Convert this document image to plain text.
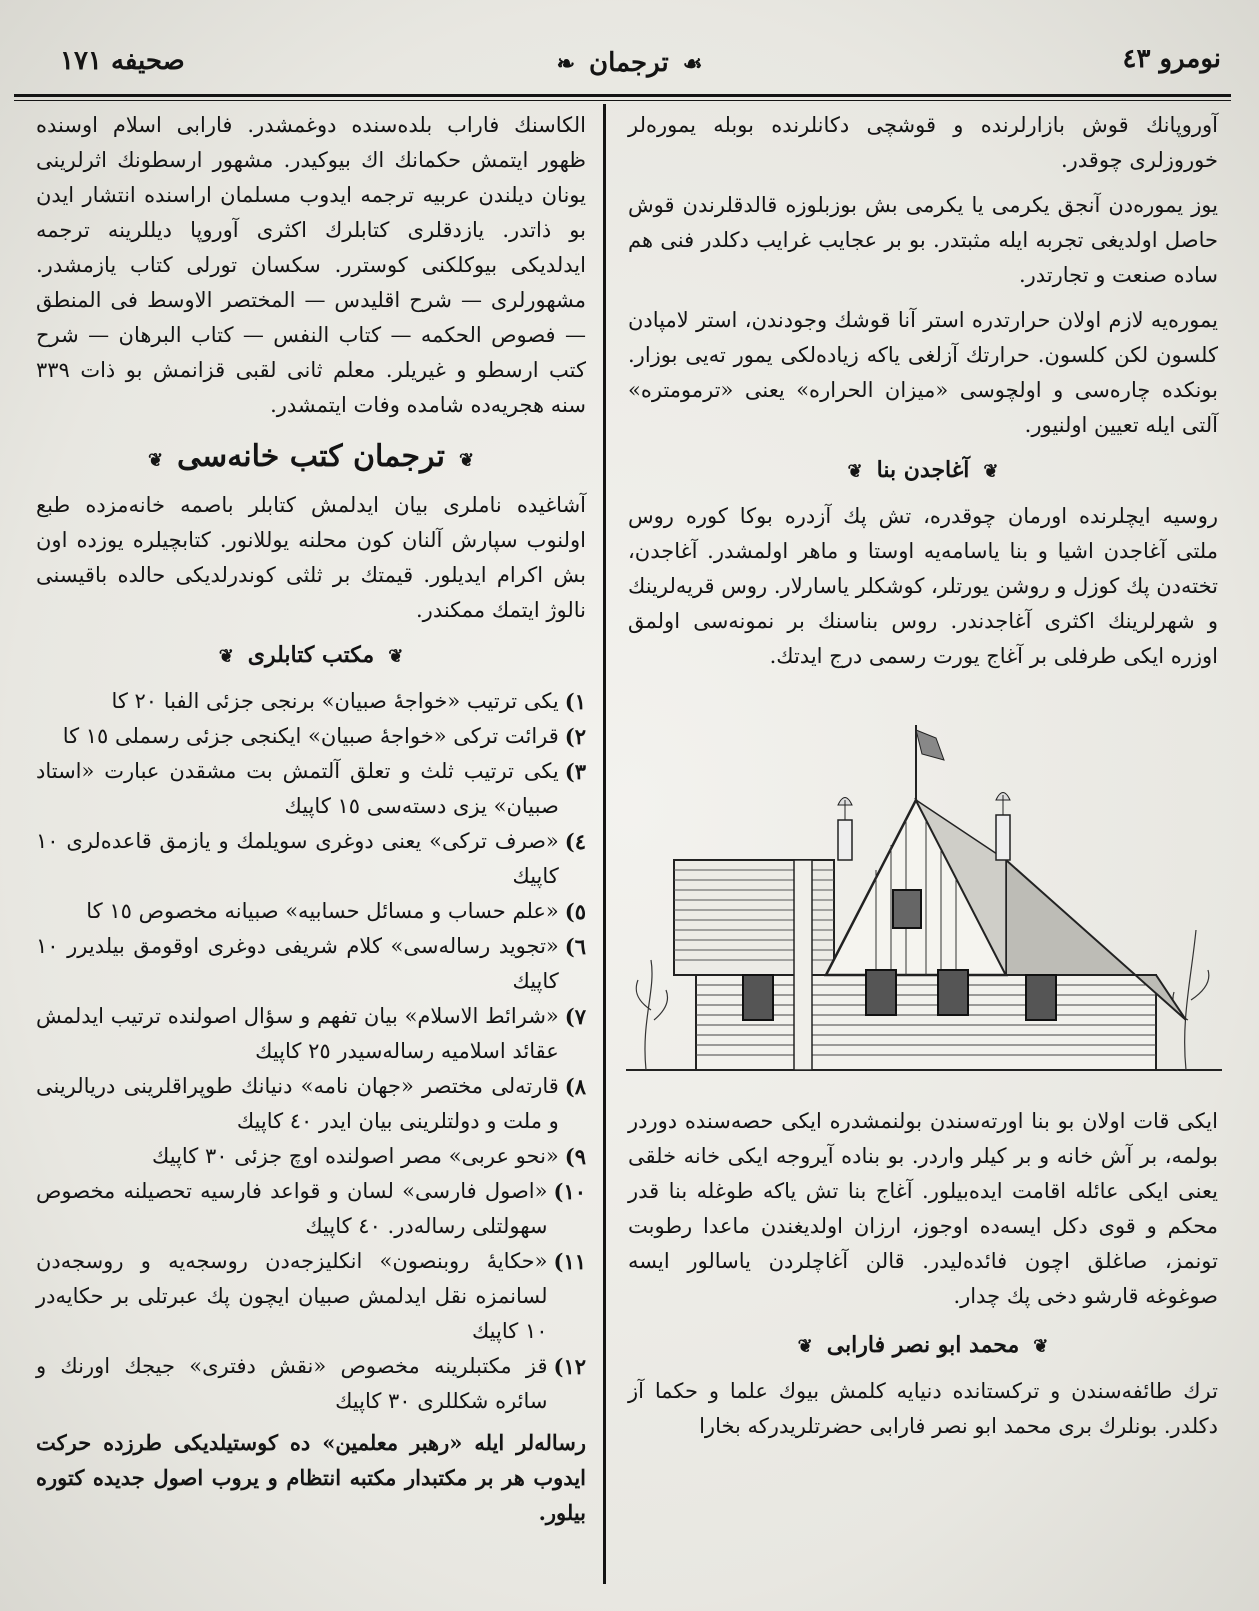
صحیفه ١٧١	❧ ترجمان ☙	نومرو ٤٣

آوروپانك قوش بازارلرنده و قوشچی دکانلرنده بوبله يموره‌لر خوروزلری چوقدر.

يوز يموره‌دن آنجق يكرمی يا يكرمی بش بوزبلوزه قالدقلرندن قوش حاصل اولدیغی تجربه ایله مثبتدر. بو بر عجایب غرایب دکلدر فنی هم ساده صنعت و تجارتدر.

يموره‌یه لازم اولان حرارتدره استر آنا قوشك وجودندن، استر لامپادن كلسون لكن كلسون. حرارتك آزلغی یاكه زیاده‌لكی يمور ته‌يی بوزار. بونكده چاره‌سی و اولچوسی «میزان الحراره» یعنی «ترمومتره» آلتی ایله تعیین اولنیور.

❦آغاجدن بنا❦

روسیه ایچلرنده اورمان چوقدره، تش پك آزدره بوكا كوره روس ملتی آغاجدن اشیا و بنا یاسامه‌یه اوستا و ماهر اولمشدر. آغاجدن، تخته‌دن پك كوزل و روشن یورتلر، كوشكلر یاسارلار. روس قریه‌لرینك و شهرلرینك اكثری آغاجدندر. روس بناسنك بر نمونه‌سی اولمق اوزره ایكی طرفلی بر آغاج یورت رسمی درج ایدتك.

ایكی قات اولان بو بنا اورته‌سندن بولنمشدره ایكی حصه‌سنده دوردر بولمه، بر آش خانه و بر كیلر واردر. بو بناده آیروجه ایكی خانه خلقی یعنی ایكی عائله اقامت ایده‌بیلور. آغاج بنا تش یاكه طوغله بنا قدر محكم و قوی دكل ایسه‌ده اوجوز، ارزان اولدیغندن ماعدا رطوبت تونمز، صاغلق اچون فائده‌لیدر. قالن آغاچلردن یاسالور ایسه صوغوغه قارشو دخی پك چدار.

❦محمد ابو نصر فارابی❦

ترك طائفه‌سندن و تركستانده دنیایه كلمش بیوك علما و حكما آز دكلدر. بونلرك بری محمد ابو نصر فارابی حضرتلریدركه بخارا

الكاسنك فاراب بلده‌سنده دوغمشدر. فارابی اسلام اوسنده ظهور ایتمش حكمانك اك بیوكیدر. مشهور ارسطونك اثرلرینی یونان دیلندن عربیه ترجمه ایدوب مسلمان اراسنده انتشار ایدن بو ذاتدر. یازدقلری كتابلرك اكثری آوروپا دیللرینه ترجمه ایدلدیكی بیوكلكنی كوسترر. سكسان تورلی كتاب یازمشدر. مشهورلری — شرح اقلیدس — المختصر الاوسط فی المنطق — فصوص الحكمه — كتاب النفس — كتاب البرهان — شرح كتب ارسطو و غیریلر. معلم ثانی لقبی قزانمش بو ذات ٣٣٩ سنه هجریه‌ده شامده وفات ایتمشدر.

❦ترجمان كتب خانه‌سی❦

آشاغیده ناملری بیان ایدلمش كتابلر باصمه خانه‌مزده طبع اولنوب سپارش آلنان كون محلنه یوللانور. كتابچیلره یوزده اون بش اكرام ایدیلور. قیمتك بر ثلثی كوندرلدیكی حالده باقیسنی نالوژ ایتمك ممكندر.

❦مكتب كتابلری❦
١)
یكی ترتیب «خواجهٔ صبیان» برنجی جزئی الفبا ٢٠ كا
٢)
قرائت تركی «خواجهٔ صبیان» ایكنجی جزئی رسملی ١٥ كا
٣)
یكی ترتیب ثلث و تعلق آلتمش بت مشقدن عبارت «استاد صبیان» یزی دسته‌سی ١٥ كاپیك
٤)
«صرف تركی» یعنی دوغری سویلمك و یازمق قاعده‌لری ١٠ كاپیك
٥)
«علم حساب و مسائل حسابیه» صبیانه مخصوص ١٥ كا
٦)
«تجوید رساله‌سی» كلام شریفی دوغری اوقومق بیلدیرر ١٠ كاپیك
٧)
«شرائط الاسلام» بیان تفهم و سؤال اصولنده ترتیب ایدلمش عقائد اسلامیه رساله‌سیدر ٢٥ كاپیك
٨)
قارته‌لی مختصر «جهان نامه» دنیانك طوپراقلرینی دریالرینی و ملت و دولتلرینی بیان ایدر ٤٠ كاپیك
٩)
«نحو عربی» مصر اصولنده اوچ جزئی ٣٠ كاپیك
١٠)
«اصول فارسی» لسان و قواعد فارسیه تحصیلنه مخصوص سهولتلی رساله‌در. ٤٠ كاپیك
١١)
«حكایهٔ روبنصون» انكلیزجه‌دن روسجه‌یه و روسجه‌دن لسانمزه نقل ایدلمش صبیان ایچون پك عبرتلی بر حكایه‌در ١٠ كاپیك
١٢)
قز مكتبلرینه مخصوص «نقش دفتری» جیجك اورنك و سائره شكللری ٣٠ كاپیك

رساله‌لر ایله «رهبر معلمین» ده كوستیلدیكی طرزده حركت ایدوب هر بر مكتبدار مكتبه انتظام و یروب اصول جدیده كتوره بیلور.
